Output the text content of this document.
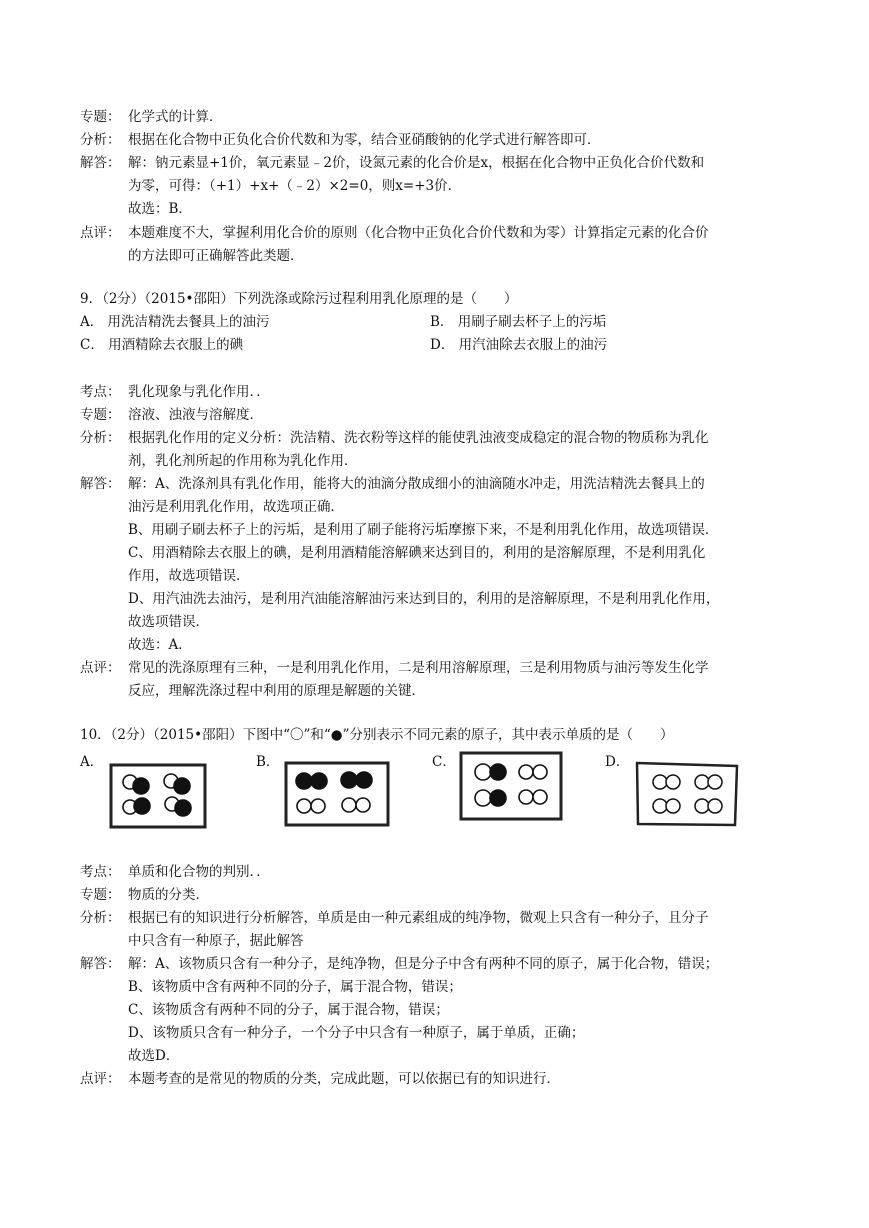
专题： 化学式的计算．
分析： 根据在化合物中正负化合价代数和为零，结合亚硝酸钠的化学式进行解答即可．
解答： 解：钠元素显+1价，氧元素显﹣2价，设氮元素的化合价是x，根据在化合物中正负化合价代数和
为零，可得：（+1）+x+（﹣2）×2=0，则x=+3价．
故选：B．
点评： 本题难度不大，掌握利用化合价的原则（化合物中正负化合价代数和为零）计算指定元素的化合价
的方法即可正确解答此类题．
9．（2分）（2015•邵阳）下列洗涤或除污过程利用乳化原理的是（　　）
A． 用洗洁精洗去餐具上的油污	B． 用刷子刷去杯子上的污垢
C． 用酒精除去衣服上的碘	D． 用汽油除去衣服上的油污
考点： 乳化现象与乳化作用．．
专题： 溶液、浊液与溶解度．
分析： 根据乳化作用的定义分析：洗洁精、洗衣粉等这样的能使乳浊液变成稳定的混合物的物质称为乳化
剂，乳化剂所起的作用称为乳化作用．
解答： 解：A、洗涤剂具有乳化作用，能将大的油滴分散成细小的油滴随水冲走，用洗洁精洗去餐具上的
油污是利用乳化作用，故选项正确．
B、用刷子刷去杯子上的污垢，是利用了刷子能将污垢摩擦下来，不是利用乳化作用，故选项错误．
C、用酒精除去衣服上的碘，是利用酒精能溶解碘来达到目的，利用的是溶解原理，不是利用乳化
作用，故选项错误．
D、用汽油洗去油污，是利用汽油能溶解油污来达到目的，利用的是溶解原理，不是利用乳化作用，
故选项错误．
故选：A．
点评： 常见的洗涤原理有三种，一是利用乳化作用，二是利用溶解原理，三是利用物质与油污等发生化学
反应，理解洗涤过程中利用的原理是解题的关键．
10．（2分）（2015•邵阳）下图中“〇”和“●”分别表示不同元素的原子，其中表示单质的是（　　）
A．	B．	C．	D．
考点： 单质和化合物的判别．．
专题： 物质的分类．
分析： 根据已有的知识进行分析解答，单质是由一种元素组成的纯净物，微观上只含有一种分子，且分子
中只含有一种原子，据此解答
解答： 解：A、该物质只含有一种分子，是纯净物，但是分子中含有两种不同的原子，属于化合物，错误；
B、该物质中含有两种不同的分子，属于混合物，错误；
C、该物质含有两种不同的分子，属于混合物，错误；
D、该物质只含有一种分子，一个分子中只含有一种原子，属于单质，正确；
故选D．
点评： 本题考查的是常见的物质的分类，完成此题，可以依据已有的知识进行．
